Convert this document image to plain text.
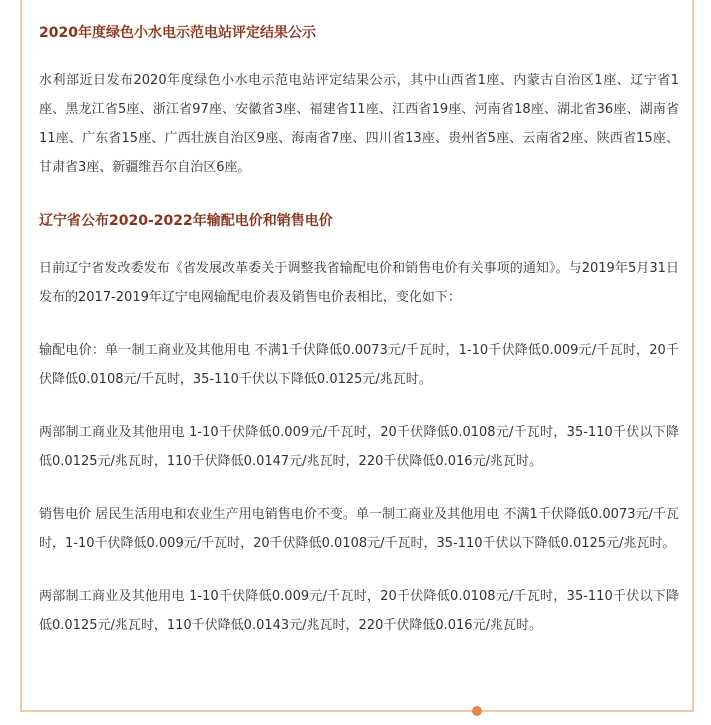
2020年度绿色小水电示范电站评定结果公示

水利部近日发布2020年度绿色小水电示范电站评定结果公示，其中山西省1座、内蒙古自治区1座、辽宁省1座、黑龙江省5座、浙江省97座、安徽省3座、福建省11座、江西省19座、河南省18座、湖北省36座、湖南省11座、广东省15座、广西壮族自治区9座、海南省7座、四川省13座、贵州省5座、云南省2座、陕西省15座、甘肃省3座、新疆维吾尔自治区6座。

辽宁省公布2020-2022年输配电价和销售电价

日前辽宁省发改委发布《省发展改革委关于调整我省输配电价和销售电价有关事项的通知》。与2019年5月31日发布的2017-2019年辽宁电网输配电价表及销售电价表相比，变化如下：

输配电价：单一制工商业及其他用电 不满1千伏降低0.0073元/千瓦时，1-10千伏降低0.009元/千瓦时，20千伏降低0.0108元/千瓦时，35-110千伏以下降低0.0125元/兆瓦时。

两部制工商业及其他用电 1-10千伏降低0.009元/千瓦时，20千伏降低0.0108元/千瓦时，35-110千伏以下降低0.0125元/兆瓦时，110千伏降低0.0147元/兆瓦时，220千伏降低0.016元/兆瓦时。

销售电价 居民生活用电和农业生产用电销售电价不变。单一制工商业及其他用电 不满1千伏降低0.0073元/千瓦时，1-10千伏降低0.009元/千瓦时，20千伏降低0.0108元/千瓦时，35-110千伏以下降低0.0125元/兆瓦时。

两部制工商业及其他用电 1-10千伏降低0.009元/千瓦时，20千伏降低0.0108元/千瓦时，35-110千伏以下降低0.0125元/兆瓦时，110千伏降低0.0143元/兆瓦时，220千伏降低0.016元/兆瓦时。
